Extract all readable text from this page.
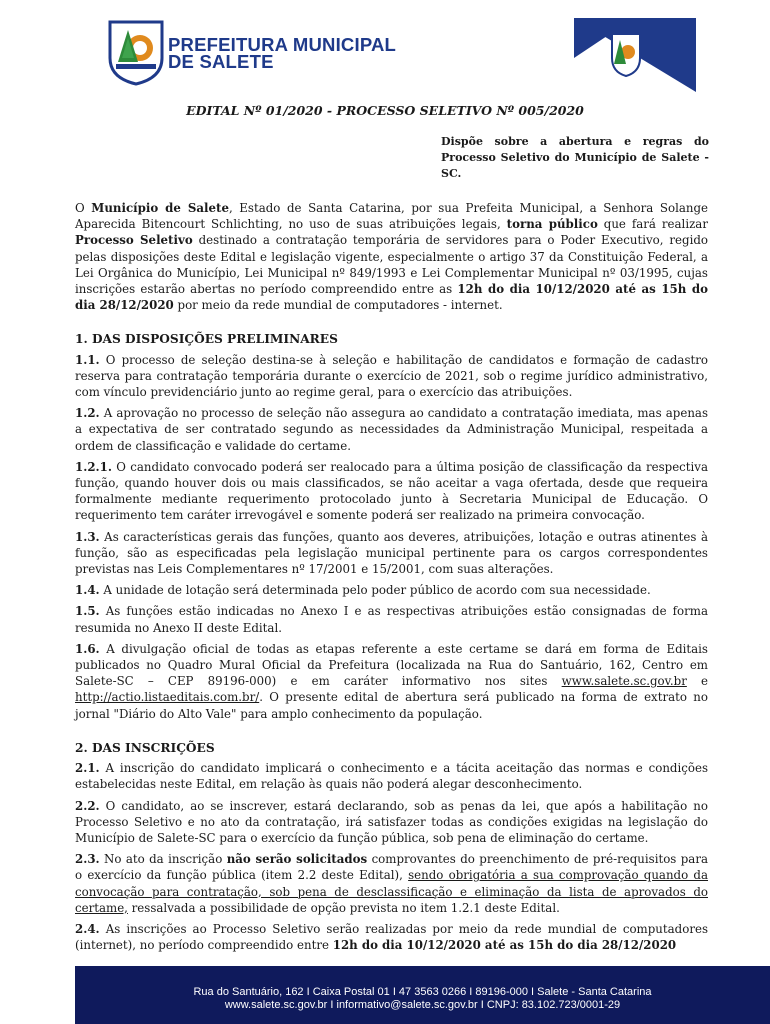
PREFEITURA MUNICIPAL
DE SALETE
EDITAL Nº 01/2020 - PROCESSO SELETIVO Nº 005/2020
Dispõe sobre a abertura e regras do Processo Seletivo do Município de Salete - SC.

O Município de Salete, Estado de Santa Catarina, por sua Prefeita Municipal, a Senhora Solange Aparecida Bitencourt Schlichting, no uso de suas atribuições legais, torna público que fará realizar Processo Seletivo destinado a contratação temporária de servidores para o Poder Executivo, regido pelas disposições deste Edital e legislação vigente, especialmente o artigo 37 da Constituição Federal, a Lei Orgânica do Município, Lei Municipal nº 849/1993 e Lei Complementar Municipal nº 03/1995, cujas inscrições estarão abertas no período compreendido entre as 12h do dia 10/12/2020 até as 15h do dia 28/12/2020 por meio da rede mundial de computadores - internet.

1. DAS DISPOSIÇÕES PRELIMINARES

1.1. O processo de seleção destina-se à seleção e habilitação de candidatos e formação de cadastro reserva para contratação temporária durante o exercício de 2021, sob o regime jurídico administrativo, com vínculo previdenciário junto ao regime geral, para o exercício das atribuições.

1.2. A aprovação no processo de seleção não assegura ao candidato a contratação imediata, mas apenas a expectativa de ser contratado segundo as necessidades da Administração Municipal, respeitada a ordem de classificação e validade do certame.

1.2.1. O candidato convocado poderá ser realocado para a última posição de classificação da respectiva função, quando houver dois ou mais classificados, se não aceitar a vaga ofertada, desde que requeira formalmente mediante requerimento protocolado junto à Secretaria Municipal de Educação. O requerimento tem caráter irrevogável e somente poderá ser realizado na primeira convocação.

1.3. As características gerais das funções, quanto aos deveres, atribuições, lotação e outras atinentes à função, são as especificadas pela legislação municipal pertinente para os cargos correspondentes previstas nas Leis Complementares nº 17/2001 e 15/2001, com suas alterações.

1.4. A unidade de lotação será determinada pelo poder público de acordo com sua necessidade.

1.5. As funções estão indicadas no Anexo I e as respectivas atribuições estão consignadas de forma resumida no Anexo II deste Edital.

1.6. A divulgação oficial de todas as etapas referente a este certame se dará em forma de Editais publicados no Quadro Mural Oficial da Prefeitura (localizada na Rua do Santuário, 162, Centro em Salete-SC – CEP 89196-000) e em caráter informativo nos sites www.salete.sc.gov.br e http://actio.listaeditais.com.br/. O presente edital de abertura será publicado na forma de extrato no jornal "Diário do Alto Vale" para amplo conhecimento da população.

2. DAS INSCRIÇÕES

2.1. A inscrição do candidato implicará o conhecimento e a tácita aceitação das normas e condições estabelecidas neste Edital, em relação às quais não poderá alegar desconhecimento.

2.2. O candidato, ao se inscrever, estará declarando, sob as penas da lei, que após a habilitação no Processo Seletivo e no ato da contratação, irá satisfazer todas as condições exigidas na legislação do Município de Salete-SC para o exercício da função pública, sob pena de eliminação do certame.

2.3. No ato da inscrição não serão solicitados comprovantes do preenchimento de pré-requisitos para o exercício da função pública (item 2.2 deste Edital), sendo obrigatória a sua comprovação quando da convocação para contratação, sob pena de desclassificação e eliminação da lista de aprovados do certame, ressalvada a possibilidade de opção prevista no item 1.2.1 deste Edital.

2.4. As inscrições ao Processo Seletivo serão realizadas por meio da rede mundial de computadores (internet), no período compreendido entre 12h do dia 10/12/2020 até as 15h do dia 28/12/2020

Rua do Santuário, 162 I Caixa Postal 01 I 47 3563 0266 I 89196-000 I Salete - Santa Catarina
www.salete.sc.gov.br I informativo@salete.sc.gov.br I CNPJ: 83.102.723/0001-29
